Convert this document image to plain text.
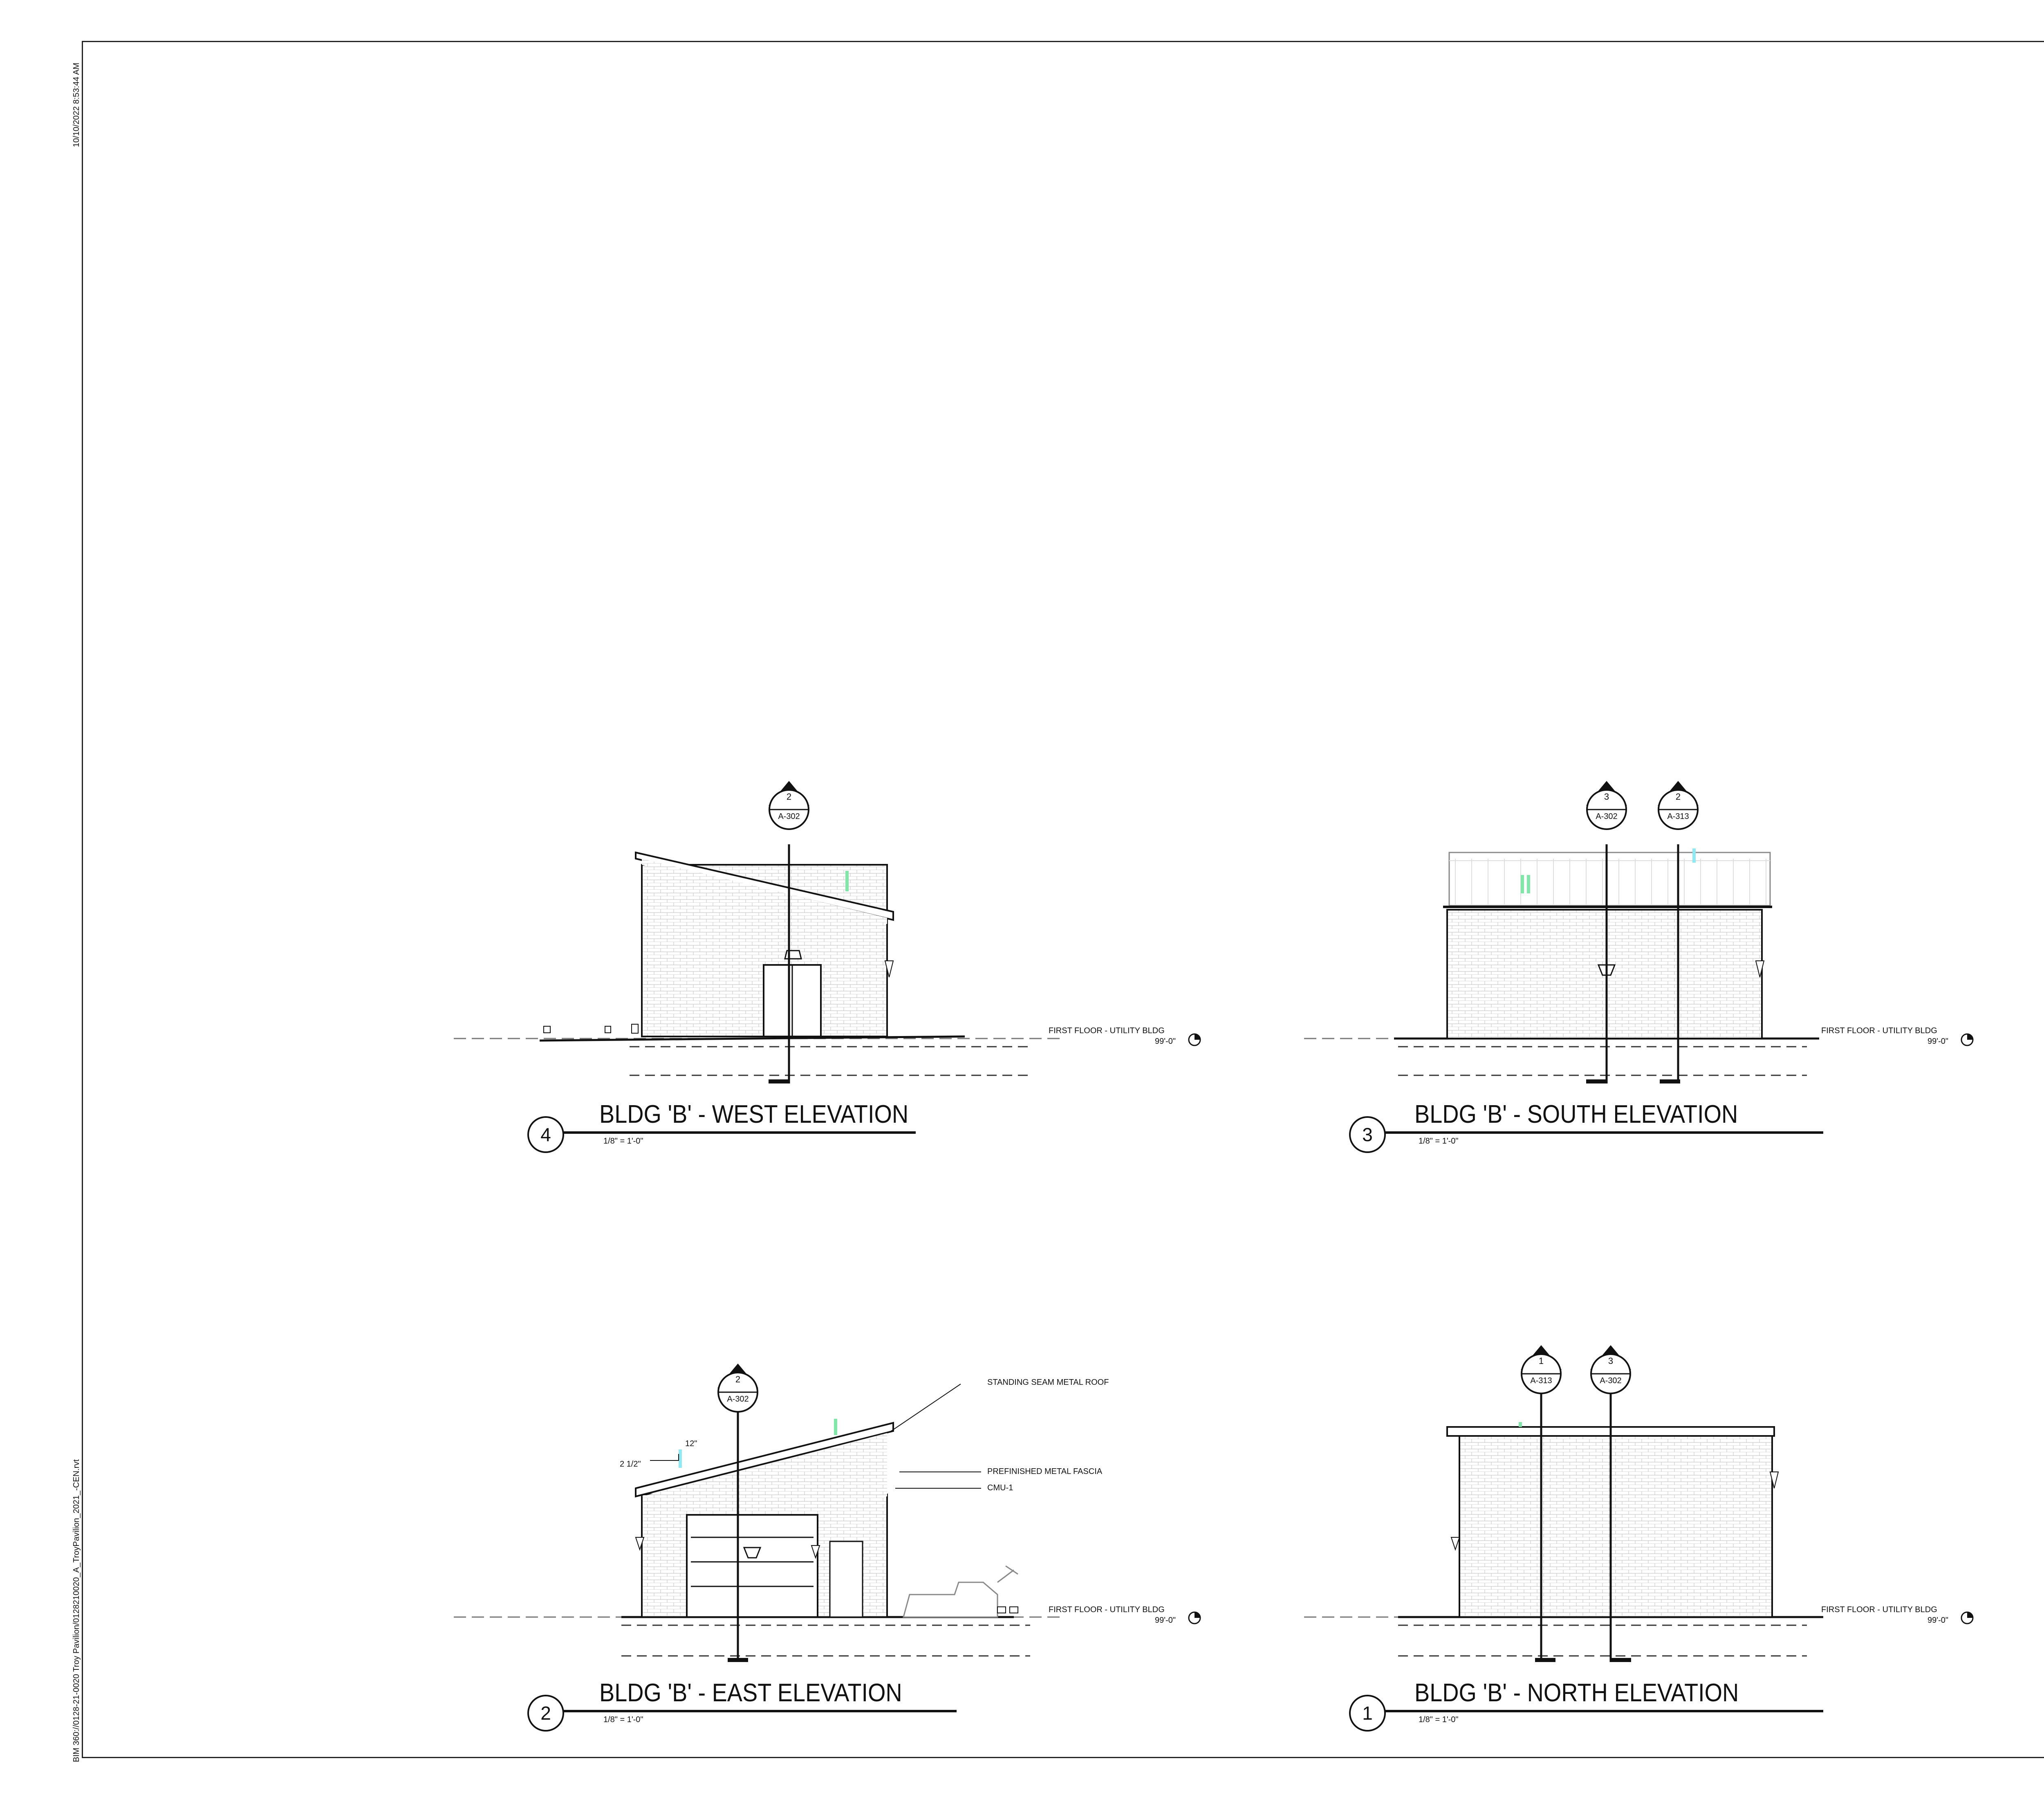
10/10/2022 8:53:44 AM
BIM 360://0128-21-0020 Troy Pavilion/0128210020_A_TroyPavilion_2021_-CEN.rvt
2
A-302
3
A-302
2
A-313
2
A-302
1
A-313
3
A-302
FIRST FLOOR - UTILITY BLDG
99'-0"
FIRST FLOOR - UTILITY BLDG
99'-0"
FIRST FLOOR - UTILITY BLDG
99'-0"
FIRST FLOOR - UTILITY BLDG
99'-0"
STANDING SEAM METAL ROOF
PREFINISHED METAL FASCIA
CMU-1
12"
2 1/2"
4
BLDG 'B' - WEST ELEVATION
1/8" = 1'-0"	3
BLDG 'B' - SOUTH ELEVATION
1/8" = 1'-0"
2
BLDG 'B' - EAST ELEVATION
1/8" = 1'-0"	1
BLDG 'B' - NORTH ELEVATION
1/8" = 1'-0"
